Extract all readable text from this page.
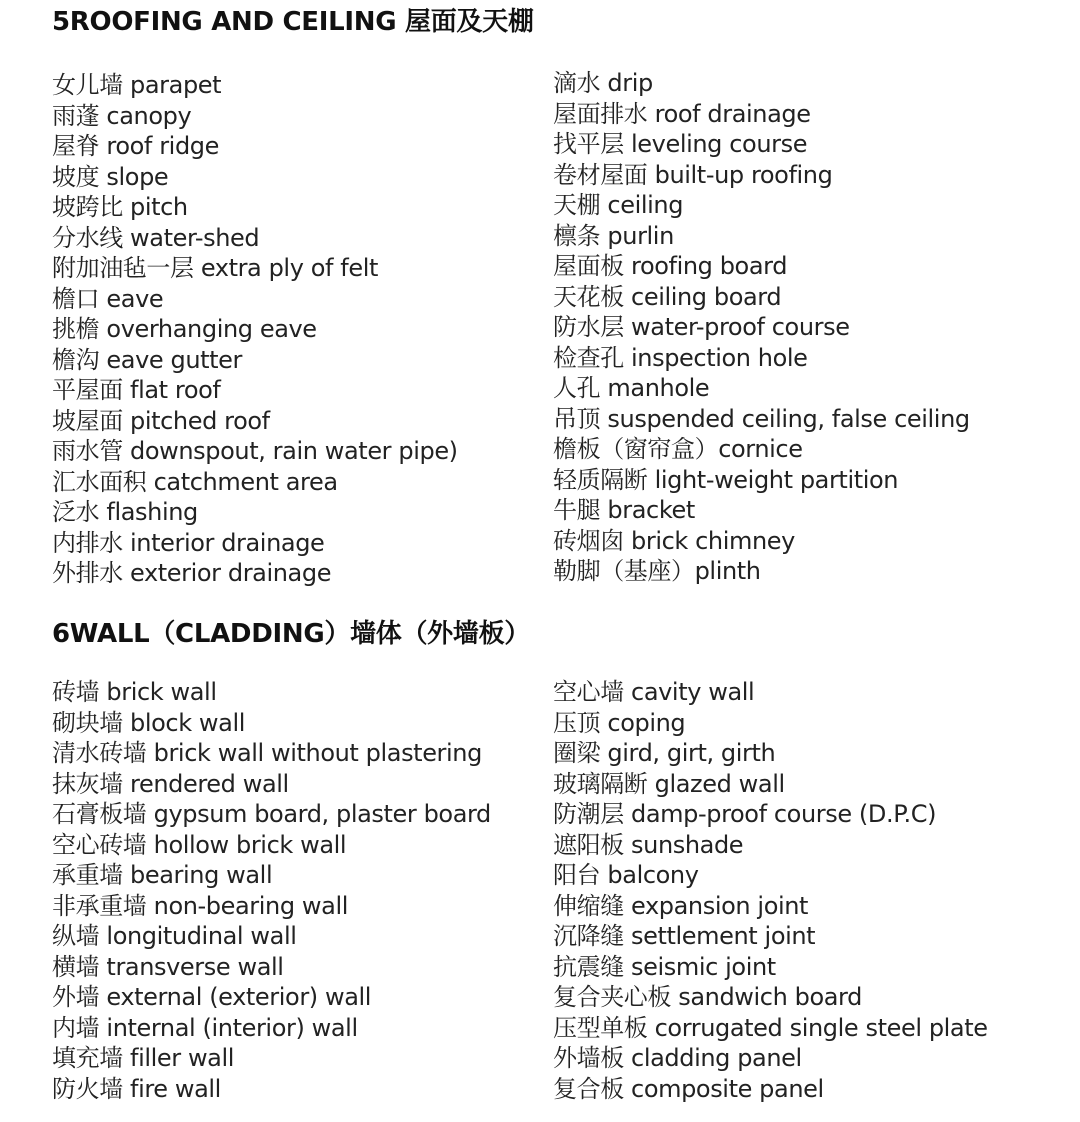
5ROOFING AND CEILING 屋面及天棚
女儿墙 parapet
雨蓬 canopy
屋脊 roof ridge
坡度 slope
坡跨比 pitch
分水线 water-shed
附加油毡一层 extra ply of felt
檐口 eave
挑檐 overhanging eave
檐沟 eave gutter
平屋面 flat roof
坡屋面 pitched roof
雨水管 downspout, rain water pipe)
汇水面积 catchment area
泛水 flashing
内排水 interior drainage
外排水 exterior drainage
滴水 drip
屋面排水 roof drainage
找平层 leveling course
卷材屋面 built-up roofing
天棚 ceiling
檩条 purlin
屋面板 roofing board
天花板 ceiling board
防水层 water-proof course
检查孔 inspection hole
人孔 manhole
吊顶 suspended ceiling, false ceiling
檐板（窗帘盒）cornice
轻质隔断 light-weight partition
牛腿 bracket
砖烟囱 brick chimney
勒脚（基座）plinth
6WALL（CLADDING）墙体（外墙板）
砖墙 brick wall
砌块墙 block wall
清水砖墙 brick wall without plastering
抹灰墙 rendered wall
石膏板墙 gypsum board, plaster board
空心砖墙 hollow brick wall
承重墙 bearing wall
非承重墙 non-bearing wall
纵墙 longitudinal wall
横墙 transverse wall
外墙 external (exterior) wall
内墙 internal (interior) wall
填充墙 filler wall
防火墙 fire wall
空心墙 cavity wall
压顶 coping
圈梁 gird, girt, girth
玻璃隔断 glazed wall
防潮层 damp-proof course (D.P.C)
遮阳板 sunshade
阳台 balcony
伸缩缝 expansion joint
沉降缝 settlement joint
抗震缝 seismic joint
复合夹心板 sandwich board
压型单板 corrugated single steel plate
外墙板 cladding panel
复合板 composite panel
